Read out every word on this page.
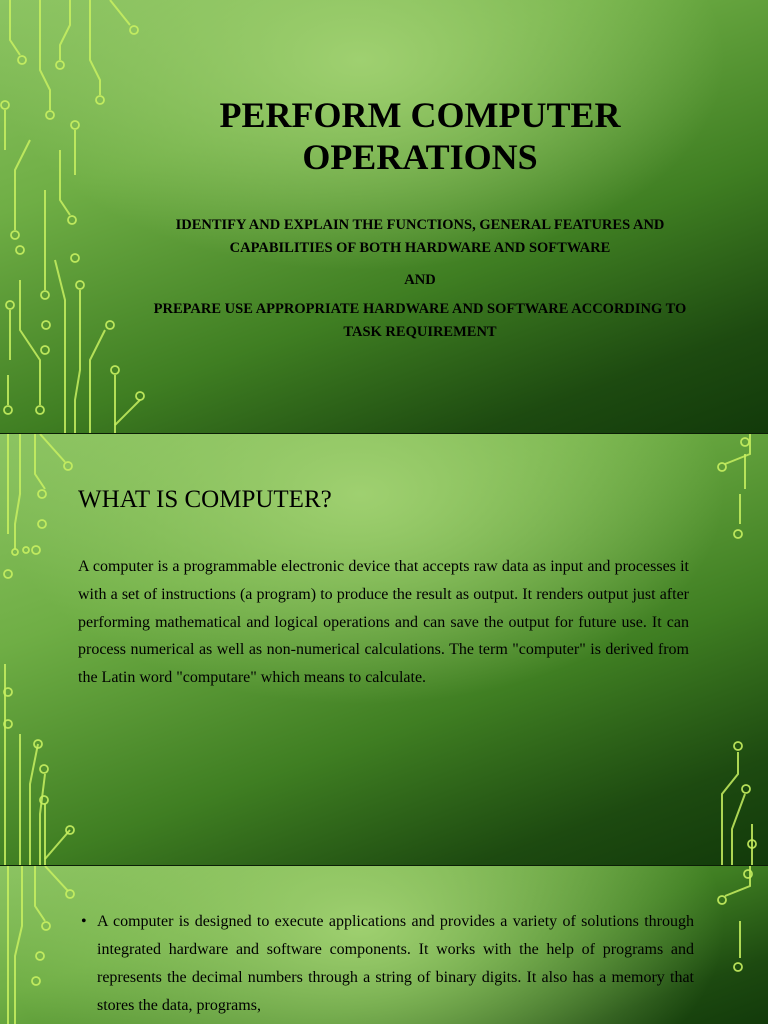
PERFORM COMPUTER OPERATIONS

IDENTIFY AND EXPLAIN THE FUNCTIONS, GENERAL FEATURES AND CAPABILITIES OF BOTH HARDWARE AND SOFTWARE

AND

PREPARE USE APPROPRIATE HARDWARE AND SOFTWARE ACCORDING TO TASK REQUIREMENT

WHAT IS COMPUTER?

A computer is a programmable electronic device that accepts raw data as input and processes it with a set of instructions (a program) to produce the result as output. It renders output just after performing mathematical and logical operations and can save the output for future use. It can process numerical as well as non-numerical calculations. The term "computer" is derived from the Latin word "computare" which means to calculate.

• A computer is designed to execute applications and provides a variety of solutions through integrated hardware and software components. It works with the help of programs and represents the decimal numbers through a string of binary digits. It also has a memory that stores the data, programs,
